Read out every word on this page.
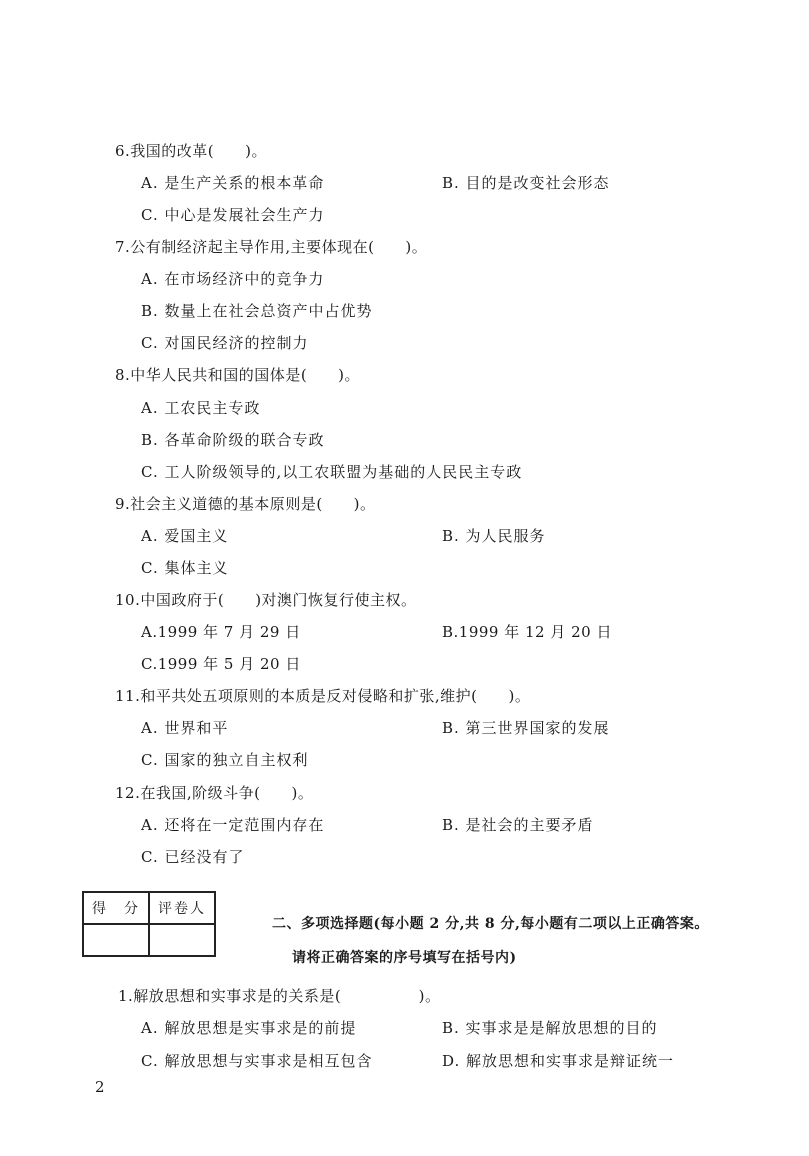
6.我国的改革(　　)。
A. 是生产关系的根本革命	B. 目的是改变社会形态
C. 中心是发展社会生产力
7.公有制经济起主导作用,主要体现在(　　)。
A. 在市场经济中的竞争力
B. 数量上在社会总资产中占优势
C. 对国民经济的控制力
8.中华人民共和国的国体是(　　)。
A. 工农民主专政
B. 各革命阶级的联合专政
C. 工人阶级领导的,以工农联盟为基础的人民民主专政
9.社会主义道德的基本原则是(　　)。
A. 爱国主义	B. 为人民服务
C. 集体主义
10.中国政府于(　　)对澳门恢复行使主权。
A.1999 年 7 月 29 日	B.1999 年 12 月 20 日
C.1999 年 5 月 20 日
11.和平共处五项原则的本质是反对侵略和扩张,维护(　　)。
A. 世界和平	B. 第三世界国家的发展
C. 国家的独立自主权利
12.在我国,阶级斗争(　　)。
A. 还将在一定范围内存在	B. 是社会的主要矛盾
C. 已经没有了
得　分	评卷人

二、多项选择题(每小题 2 分,共 8 分,每小题有二项以上正确答案。
请将正确答案的序号填写在括号内)
1.解放思想和实事求是的关系是(　　　　　)。
A. 解放思想是实事求是的前提	B. 实事求是是解放思想的目的
C. 解放思想与实事求是相互包含	D. 解放思想和实事求是辩证统一
2
